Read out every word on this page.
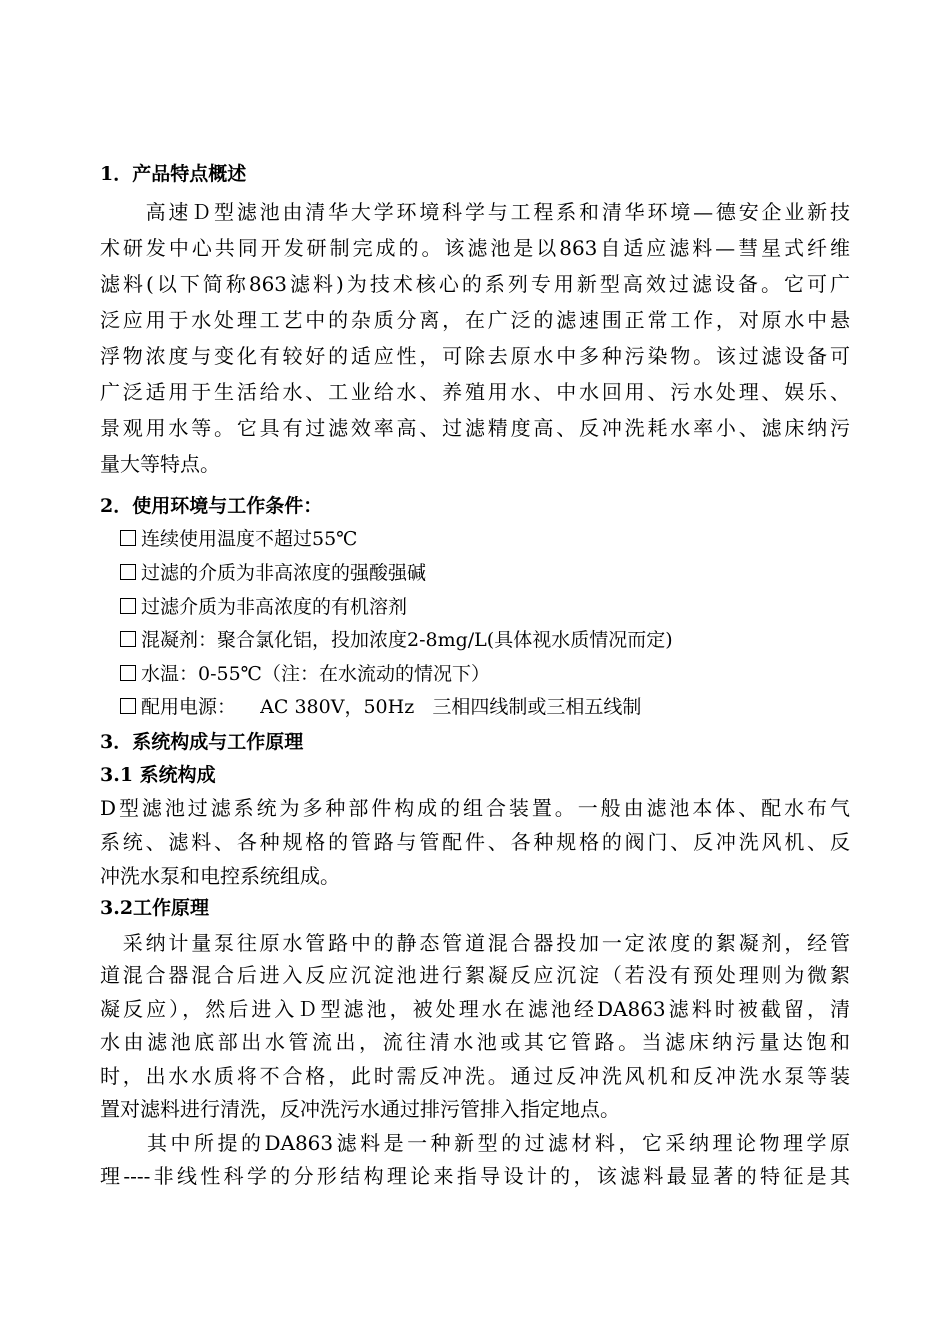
1．产品特点概述
　　高速Ｄ型滤池由清华大学环境科学与工程系和清华环境—德安企业新技
术研发中心共同开发研制完成的。该滤池是以863自适应滤料—彗星式纤维
滤料(以下简称863滤料)为技术核心的系列专用新型高效过滤设备。它可广
泛应用于水处理工艺中的杂质分离，在广泛的滤速围正常工作，对原水中悬
浮物浓度与变化有较好的适应性，可除去原水中多种污染物。该过滤设备可
广泛适用于生活给水、工业给水、养殖用水、中水回用、污水处理、娱乐、
景观用水等。它具有过滤效率高、过滤精度高、反冲洗耗水率小、滤床纳污
量大等特点。
2．使用环境与工作条件：
连续使用温度不超过55℃
过滤的介质为非高浓度的强酸强碱
过滤介质为非高浓度的有机溶剂
混凝剂：聚合氯化铝，投加浓度2-8mg/L(具体视水质情况而定)
水温：0-55℃（注：在水流动的情况下）
配用电源：    AC 380V，50Hz   三相四线制或三相五线制
3．系统构成与工作原理
3.1 系统构成
D型滤池过滤系统为多种部件构成的组合装置。一般由滤池本体、配水布气
系统、滤料、各种规格的管路与管配件、各种规格的阀门、反冲洗风机、反
冲洗水泵和电控系统组成。
3.2工作原理
　采纳计量泵往原水管路中的静态管道混合器投加一定浓度的絮凝剂，经管
道混合器混合后进入反应沉淀池进行絮凝反应沉淀（若没有预处理则为微絮
凝反应），然后进入Ｄ型滤池，被处理水在滤池经DA863滤料时被截留，清
水由滤池底部出水管流出，流往清水池或其它管路。当滤床纳污量达饱和
时，出水水质将不合格，此时需反冲洗。通过反冲洗风机和反冲洗水泵等装
置对滤料进行清洗，反冲洗污水通过排污管排入指定地点。
　　其中所提的DA863滤料是一种新型的过滤材料，它采纳理论物理学原
理----非线性科学的分形结构理论来指导设计的，该滤料最显著的特征是其
